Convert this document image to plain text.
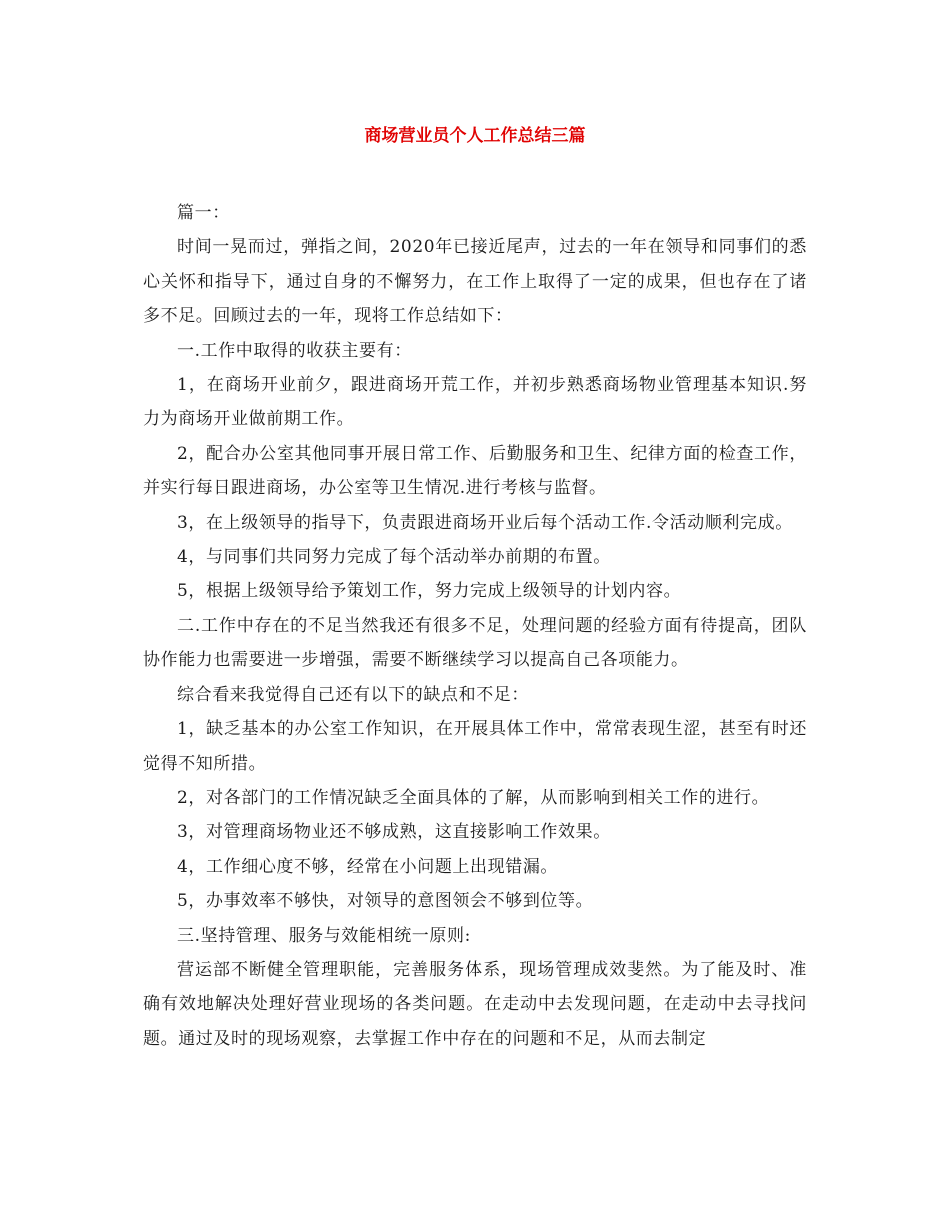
商场营业员个人工作总结三篇

篇一：

时间一晃而过，弹指之间，2020年已接近尾声，过去的一年在领导和同事们的悉心关怀和指导下，通过自身的不懈努力，在工作上取得了一定的成果，但也存在了诸多不足。回顾过去的一年，现将工作总结如下：

一.工作中取得的收获主要有：

1，在商场开业前夕，跟进商场开荒工作，并初步熟悉商场物业管理基本知识.努力为商场开业做前期工作。

2，配合办公室其他同事开展日常工作、后勤服务和卫生、纪律方面的检查工作，并实行每日跟进商场，办公室等卫生情况.进行考核与监督。

3，在上级领导的指导下，负责跟进商场开业后每个活动工作.令活动顺利完成。

4，与同事们共同努力完成了每个活动举办前期的布置。

5，根据上级领导给予策划工作，努力完成上级领导的计划内容。

二.工作中存在的不足当然我还有很多不足，处理问题的经验方面有待提高，团队协作能力也需要进一步增强，需要不断继续学习以提高自己各项能力。

综合看来我觉得自己还有以下的缺点和不足：

1，缺乏基本的办公室工作知识，在开展具体工作中，常常表现生涩，甚至有时还觉得不知所措。

2，对各部门的工作情况缺乏全面具体的了解，从而影响到相关工作的进行。

3，对管理商场物业还不够成熟，这直接影响工作效果。

4，工作细心度不够，经常在小问题上出现错漏。

5，办事效率不够快，对领导的意图领会不够到位等。

三.坚持管理、服务与效能相统一原则:

营运部不断健全管理职能，完善服务体系，现场管理成效斐然。为了能及时、准确有效地解决处理好营业现场的各类问题。在走动中去发现问题，在走动中去寻找问题。通过及时的现场观察，去掌握工作中存在的问题和不足，从而去制定
